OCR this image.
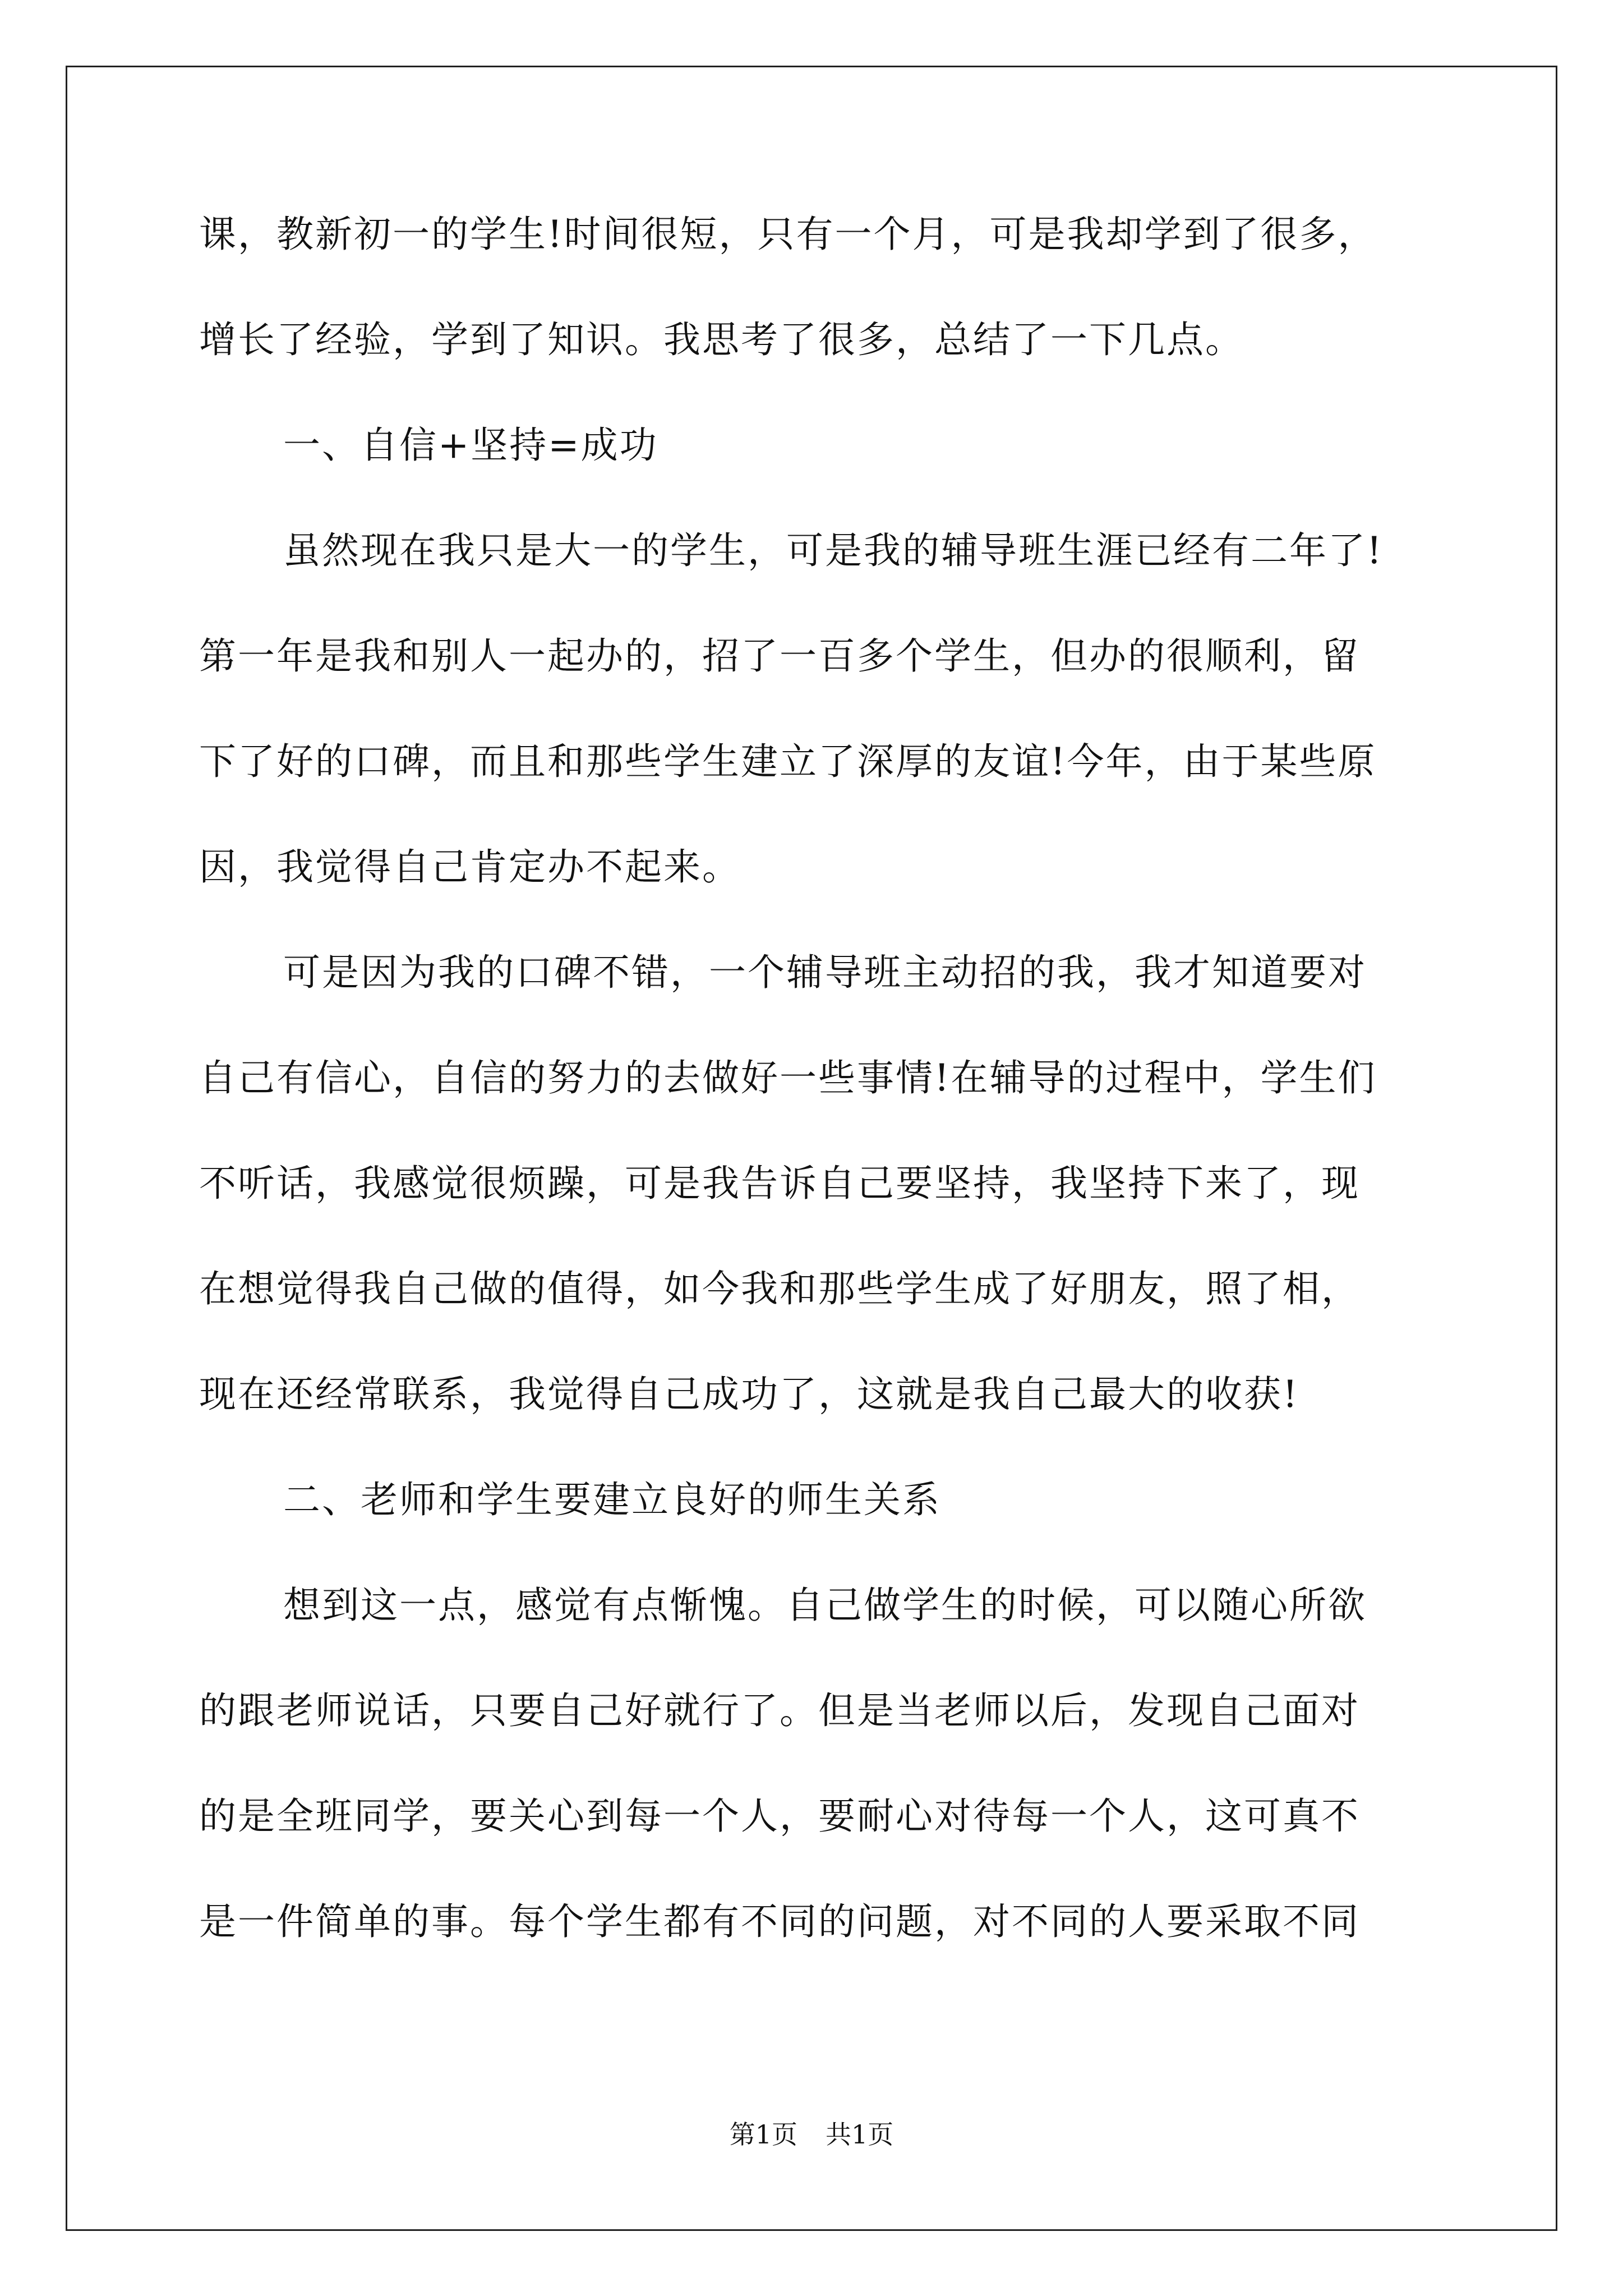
课，教新初一的学生!时间很短，只有一个月，可是我却学到了很多，
增长了经验，学到了知识。我思考了很多，总结了一下几点。
一、自信+坚持=成功
虽然现在我只是大一的学生，可是我的辅导班生涯已经有二年了!
第一年是我和别人一起办的，招了一百多个学生，但办的很顺利，留
下了好的口碑，而且和那些学生建立了深厚的友谊!今年，由于某些原
因，我觉得自己肯定办不起来。
可是因为我的口碑不错，一个辅导班主动招的我，我才知道要对
自己有信心，自信的努力的去做好一些事情!在辅导的过程中，学生们
不听话，我感觉很烦躁，可是我告诉自己要坚持，我坚持下来了，现
在想觉得我自己做的值得，如今我和那些学生成了好朋友，照了相，
现在还经常联系，我觉得自己成功了，这就是我自己最大的收获!
二、老师和学生要建立良好的师生关系
想到这一点，感觉有点惭愧。自己做学生的时候，可以随心所欲
的跟老师说话，只要自己好就行了。但是当老师以后，发现自己面对
的是全班同学，要关心到每一个人，要耐心对待每一个人，这可真不
是一件简单的事。每个学生都有不同的问题，对不同的人要采取不同
第1页 共1页
